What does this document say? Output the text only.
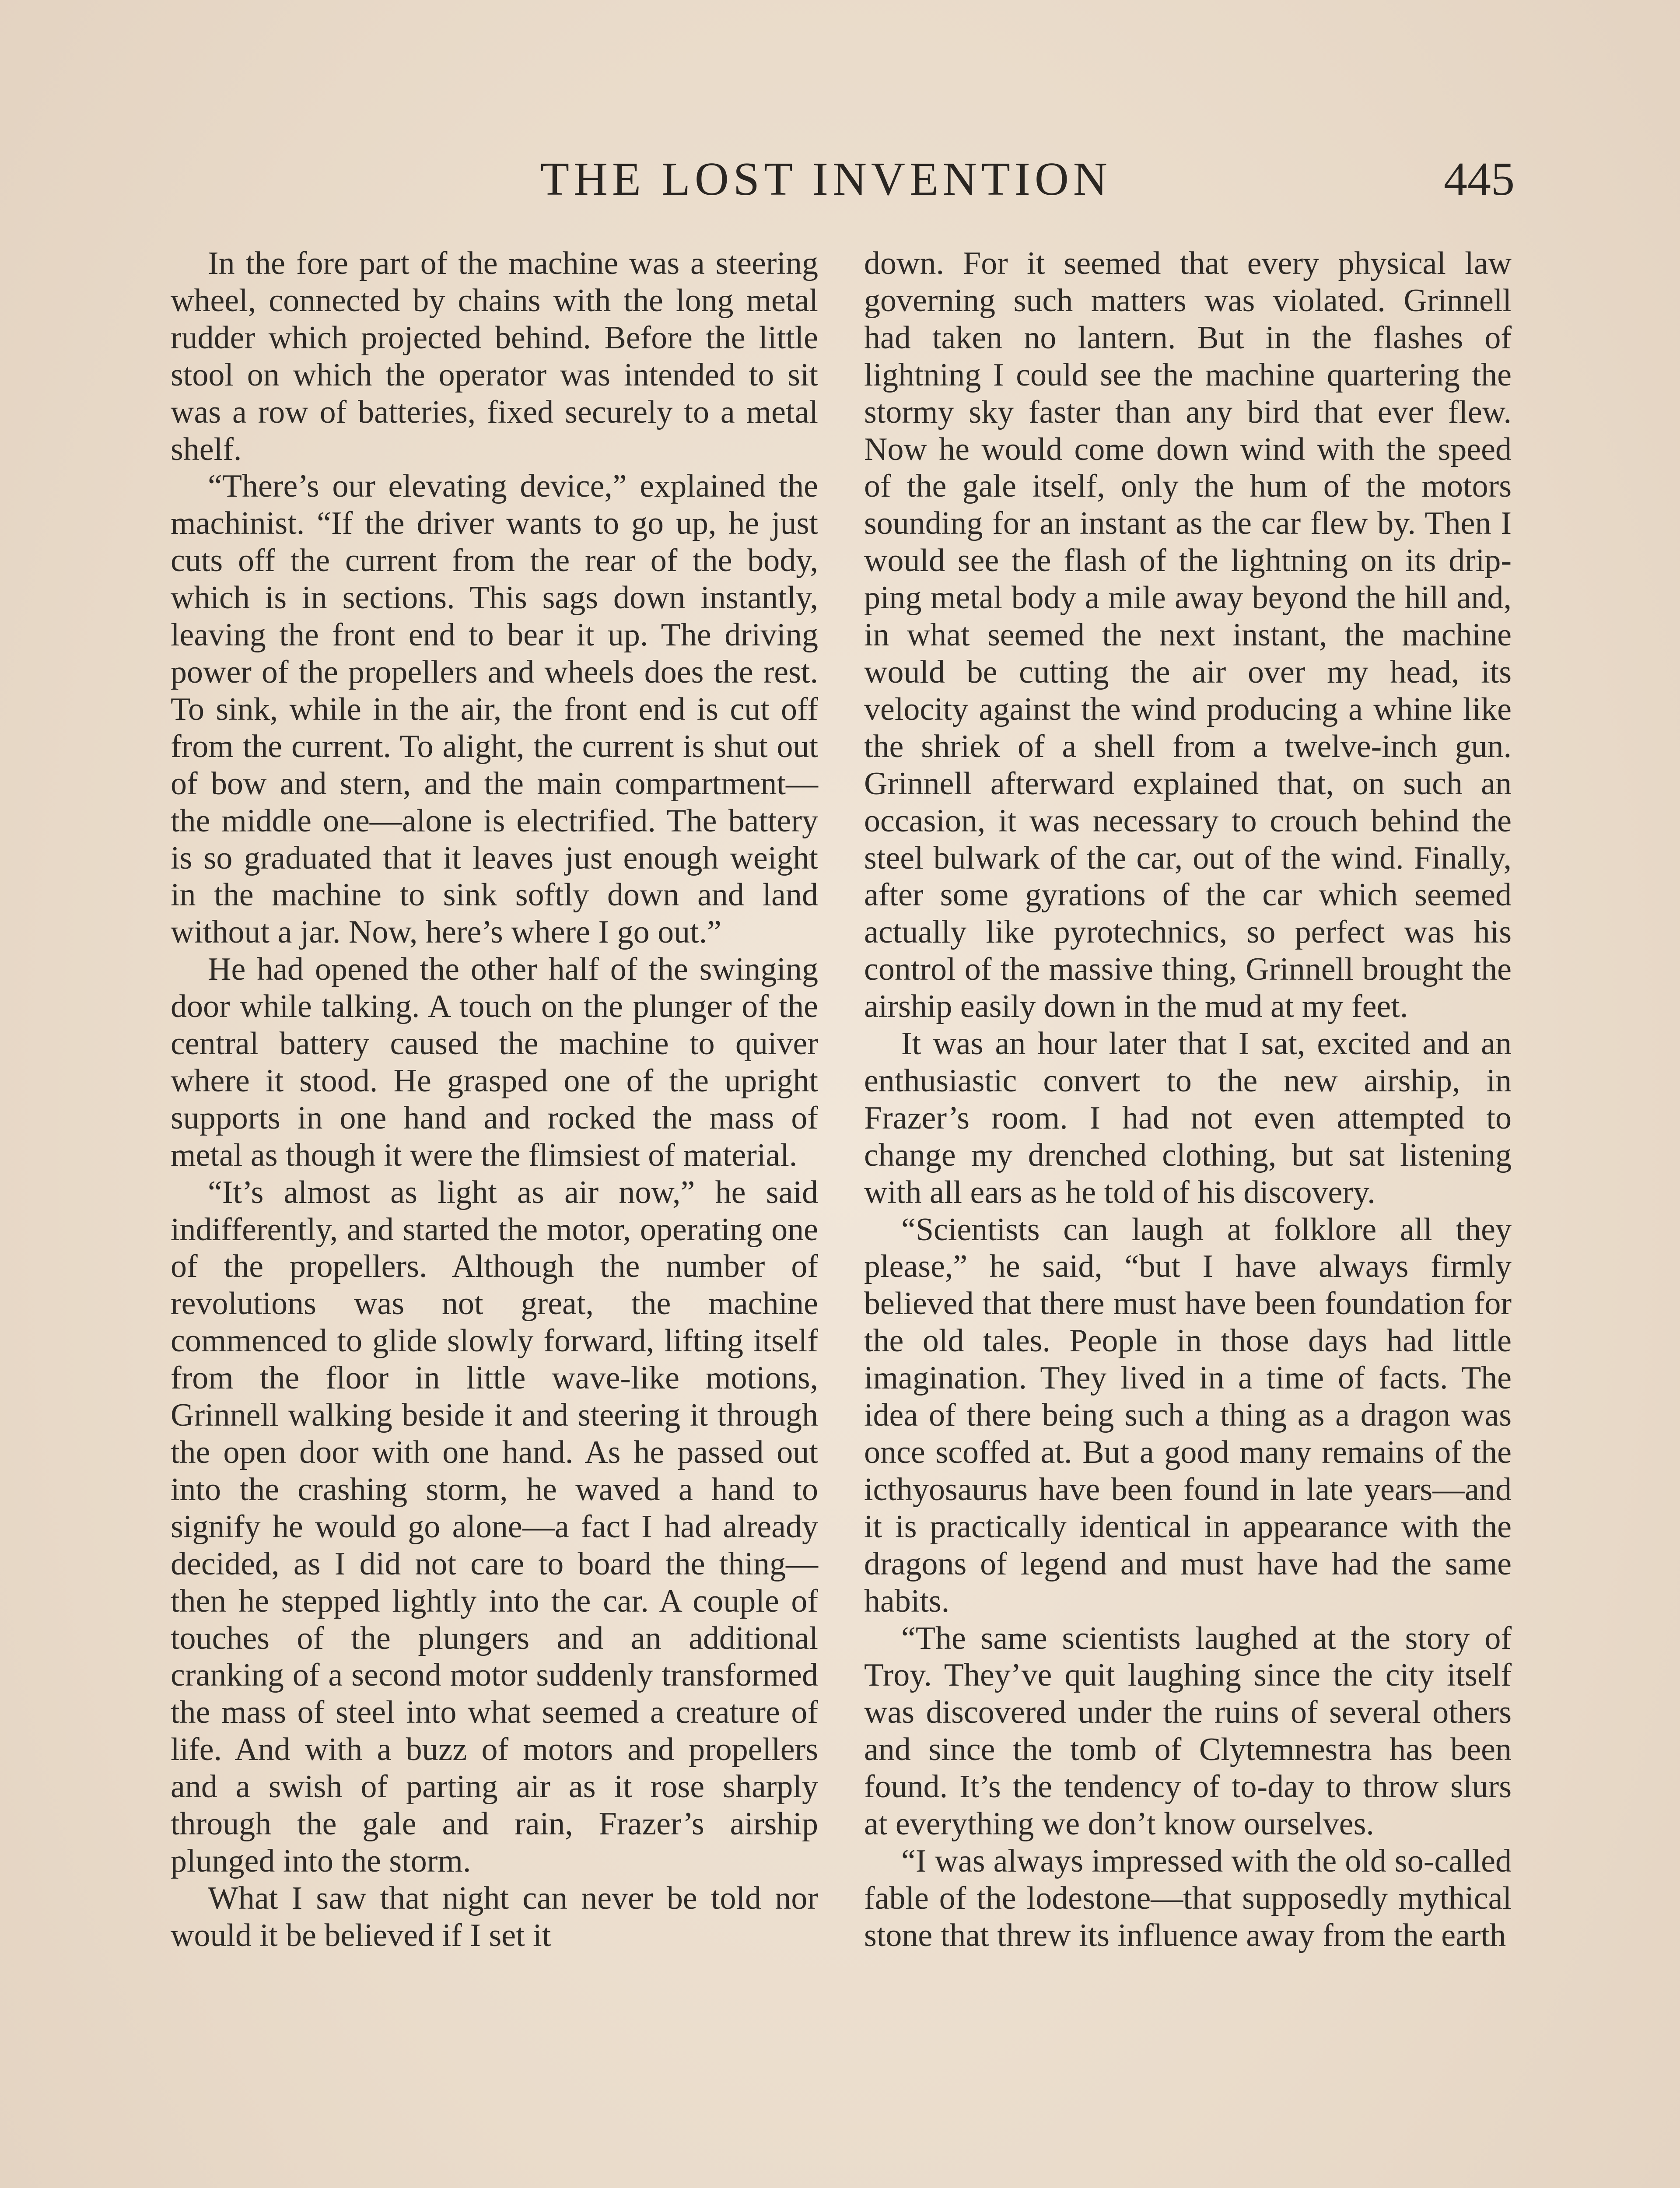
THE LOST INVENTION	445

In the fore part of the machine was a steering wheel, connected by chains with the long metal rudder which projected behind. Before the little stool on which the operator was intended to sit was a row of batteries, fixed securely to a metal shelf.

“There’s our elevating device,” explained the machinist. “If the driver wants to go up, he just cuts off the current from the rear of the body, which is in sections. This sags down instantly, leaving the front end to bear it up. The driving power of the propellers and wheels does the rest. To sink, while in the air, the front end is cut off from the current. To alight, the current is shut out of bow and stern, and the main compartment—the middle one—alone is electrified. The battery is so graduated that it leaves just enough weight in the machine to sink softly down and land without a jar. Now, here’s where I go out.”

He had opened the other half of the swinging door while talking. A touch on the plunger of the central battery caused the machine to quiver where it stood. He grasped one of the upright supports in one hand and rocked the mass of metal as though it were the flimsiest of material.

“It’s almost as light as air now,” he said indifferently, and started the motor, operating one of the propellers. Although the number of revolutions was not great, the machine commenced to glide slowly forward, lifting itself from the floor in little wave-like motions, Grinnell walking beside it and steering it through the open door with one hand. As he passed out into the crashing storm, he waved a hand to signify he would go alone—a fact I had already decided, as I did not care to board the thing—then he stepped lightly into the car. A couple of touches of the plungers and an additional cranking of a second motor suddenly transformed the mass of steel into what seemed a creature of life. And with a buzz of motors and propellers and a swish of parting air as it rose sharply through the gale and rain, Frazer’s airship plunged into the storm.

What I saw that night can never be told nor would it be believed if I set it

down. For it seemed that every physical law governing such matters was violated. Grinnell had taken no lantern. But in the flashes of lightning I could see the machine quartering the stormy sky faster than any bird that ever flew. Now he would come down wind with the speed of the gale itself, only the hum of the motors sounding for an instant as the car flew by. Then I would see the flash of the lightning on its dripping metal body a mile away beyond the hill and, in what seemed the next instant, the machine would be cutting the air over my head, its velocity against the wind producing a whine like the shriek of a shell from a twelve-inch gun. Grinnell afterward explained that, on such an occasion, it was necessary to crouch behind the steel bulwark of the car, out of the wind. Finally, after some gyrations of the car which seemed actually like pyrotechnics, so perfect was his control of the massive thing, Grinnell brought the airship easily down in the mud at my feet.

It was an hour later that I sat, excited and an enthusiastic convert to the new airship, in Frazer’s room. I had not even attempted to change my drenched clothing, but sat listening with all ears as he told of his discovery.

“Scientists can laugh at folklore all they please,” he said, “but I have always firmly believed that there must have been foundation for the old tales. People in those days had little imagination. They lived in a time of facts. The idea of there being such a thing as a dragon was once scoffed at. But a good many remains of the icthyosaurus have been found in late years—and it is practically identical in appearance with the dragons of legend and must have had the same habits.

“The same scientists laughed at the story of Troy. They’ve quit laughing since the city itself was discovered under the ruins of several others and since the tomb of Clytemnestra has been found. It’s the tendency of to-day to throw slurs at everything we don’t know ourselves.

“I was always impressed with the old so-called fable of the lodestone—that supposedly mythical stone that threw its influence away from the earth
